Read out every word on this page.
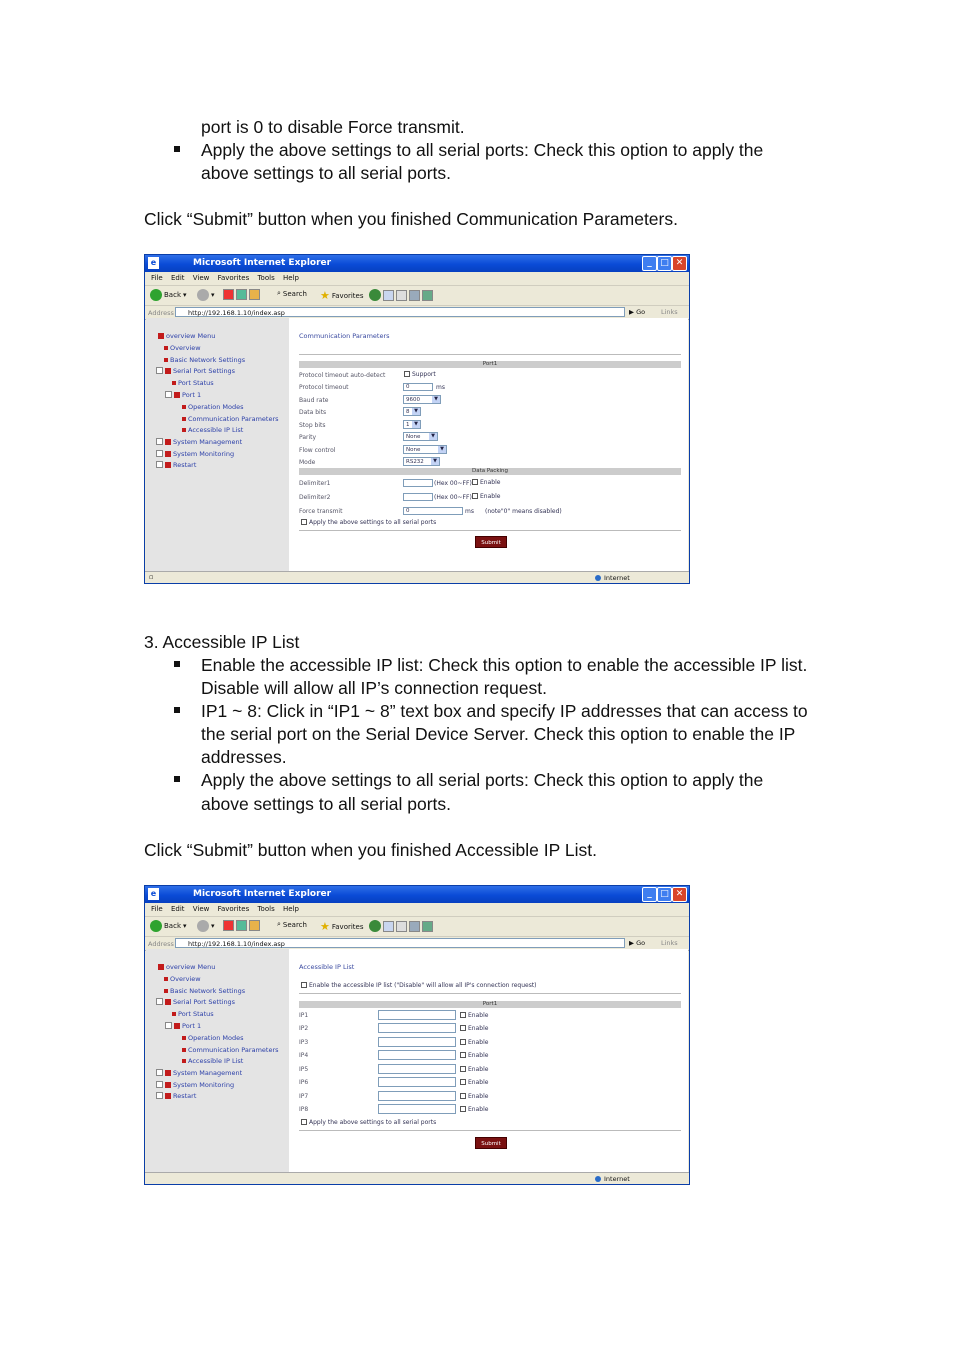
port is 0 to disable Force transmit.
Apply the above settings to all serial ports: Check this option to apply the
above settings to all serial ports.
Click “Submit” button when you finished Communication Parameters.
e	Microsoft Internet Explorer	_ □ ✕
File Edit View Favorites Tools Help
Back ▾	▾	⌕ Search ★ Favorites
Address	http://192.168.1.10/index.asp	▶ Go Links
overview Menu
Overview
Basic Network Settings
Serial Port Settings
Port Status
Port 1
Operation Modes
Communication Parameters
Accessible IP List
System Management
System Monitoring
Restart
Communication Parameters
Port1
Protocol timeout auto-detect	Support
Protocol timeout	0	ms
Baud rate	9600	▼
Data bits	8 ▼
Stop bits	1 ▼
Parity	None	▼
Flow control	None	▼
Mode	RS232	▼
Data Packing
Delimiter1	(Hex 00~FF)	Enable
Delimiter2	(Hex 00~FF)	Enable
Force transmit	0	ms (note"0" means disabled)
Apply the above settings to all serial ports
Submit
▫	Internet
3. Accessible IP List
Enable the accessible IP list: Check this option to enable the accessible IP list.
Disable will allow all IP’s connection request.
IP1 ~ 8: Click in “IP1 ~ 8” text box and specify IP addresses that can access to
the serial port on the Serial Device Server. Check this option to enable the IP
addresses.
Apply the above settings to all serial ports: Check this option to apply the
above settings to all serial ports.
Click “Submit” button when you finished Accessible IP List.
e	Microsoft Internet Explorer	_ □ ✕
File Edit View Favorites Tools Help
Back ▾	▾	⌕ Search ★ Favorites
Address	http://192.168.1.10/index.asp	▶ Go Links
overview Menu
Overview
Basic Network Settings
Serial Port Settings
Port Status
Port 1
Operation Modes
Communication Parameters
Accessible IP List
System Management
System Monitoring
Restart
Accessible IP List
Enable the accessible IP list ("Disable" will allow all IP's connection request)
Port1
IP1	Enable
IP2	Enable
IP3	Enable
IP4	Enable
IP5	Enable
IP6	Enable
IP7	Enable
IP8	Enable
Apply the above settings to all serial ports
Submit
Internet
